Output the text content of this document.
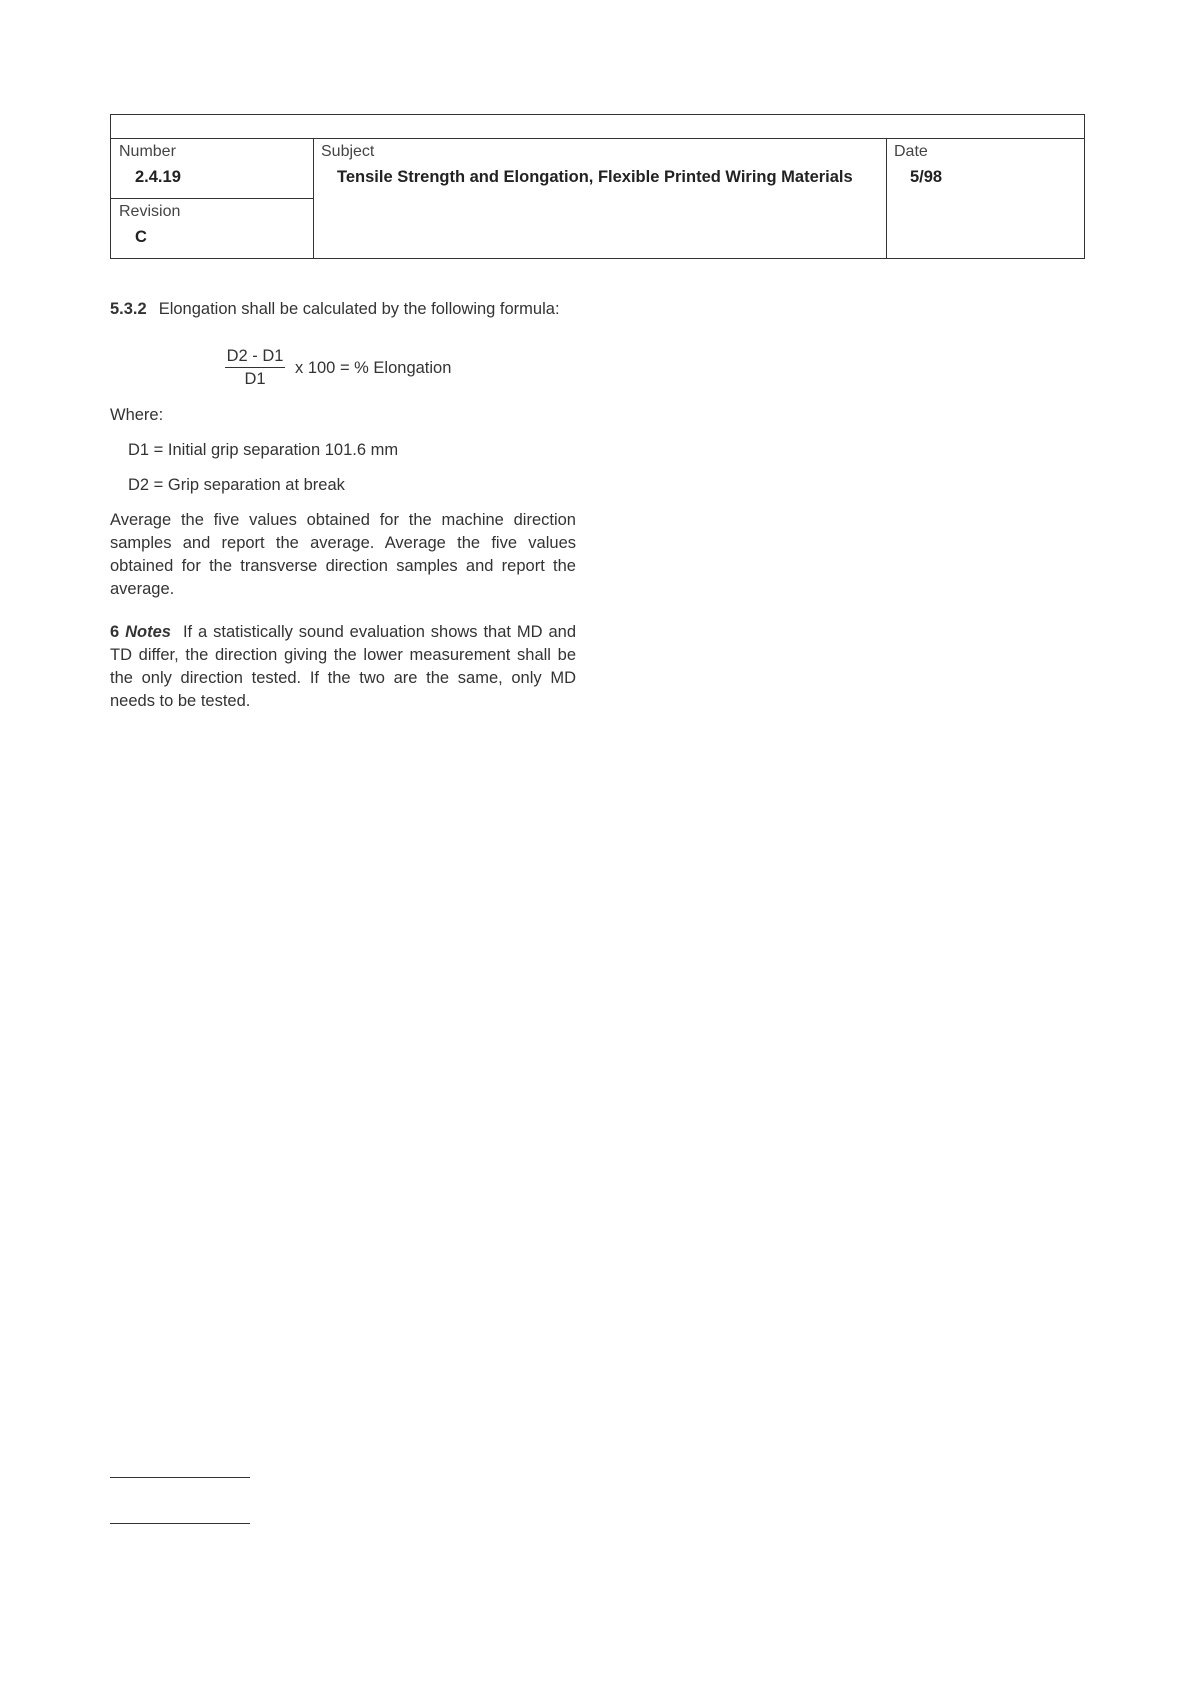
Number
2.4.19
Revision
C
Subject
Tensile Strength and Elongation, Flexible Printed Wiring Materials
Date
5/98

5.3.2 Elongation shall be calculated by the following formula:

$\frac{D2 - D1}{D1}$ x 100 = % Elongation

Where:

D1 = Initial grip separation 101.6 mm

D2 = Grip separation at break

Average the five values obtained for the machine direction samples and report the average. Average the five values obtained for the transverse direction samples and report the average.

6 Notes If a statistically sound evaluation shows that MD and TD differ, the direction giving the lower measurement shall be the only direction tested. If the two are the same, only MD needs to be tested.
